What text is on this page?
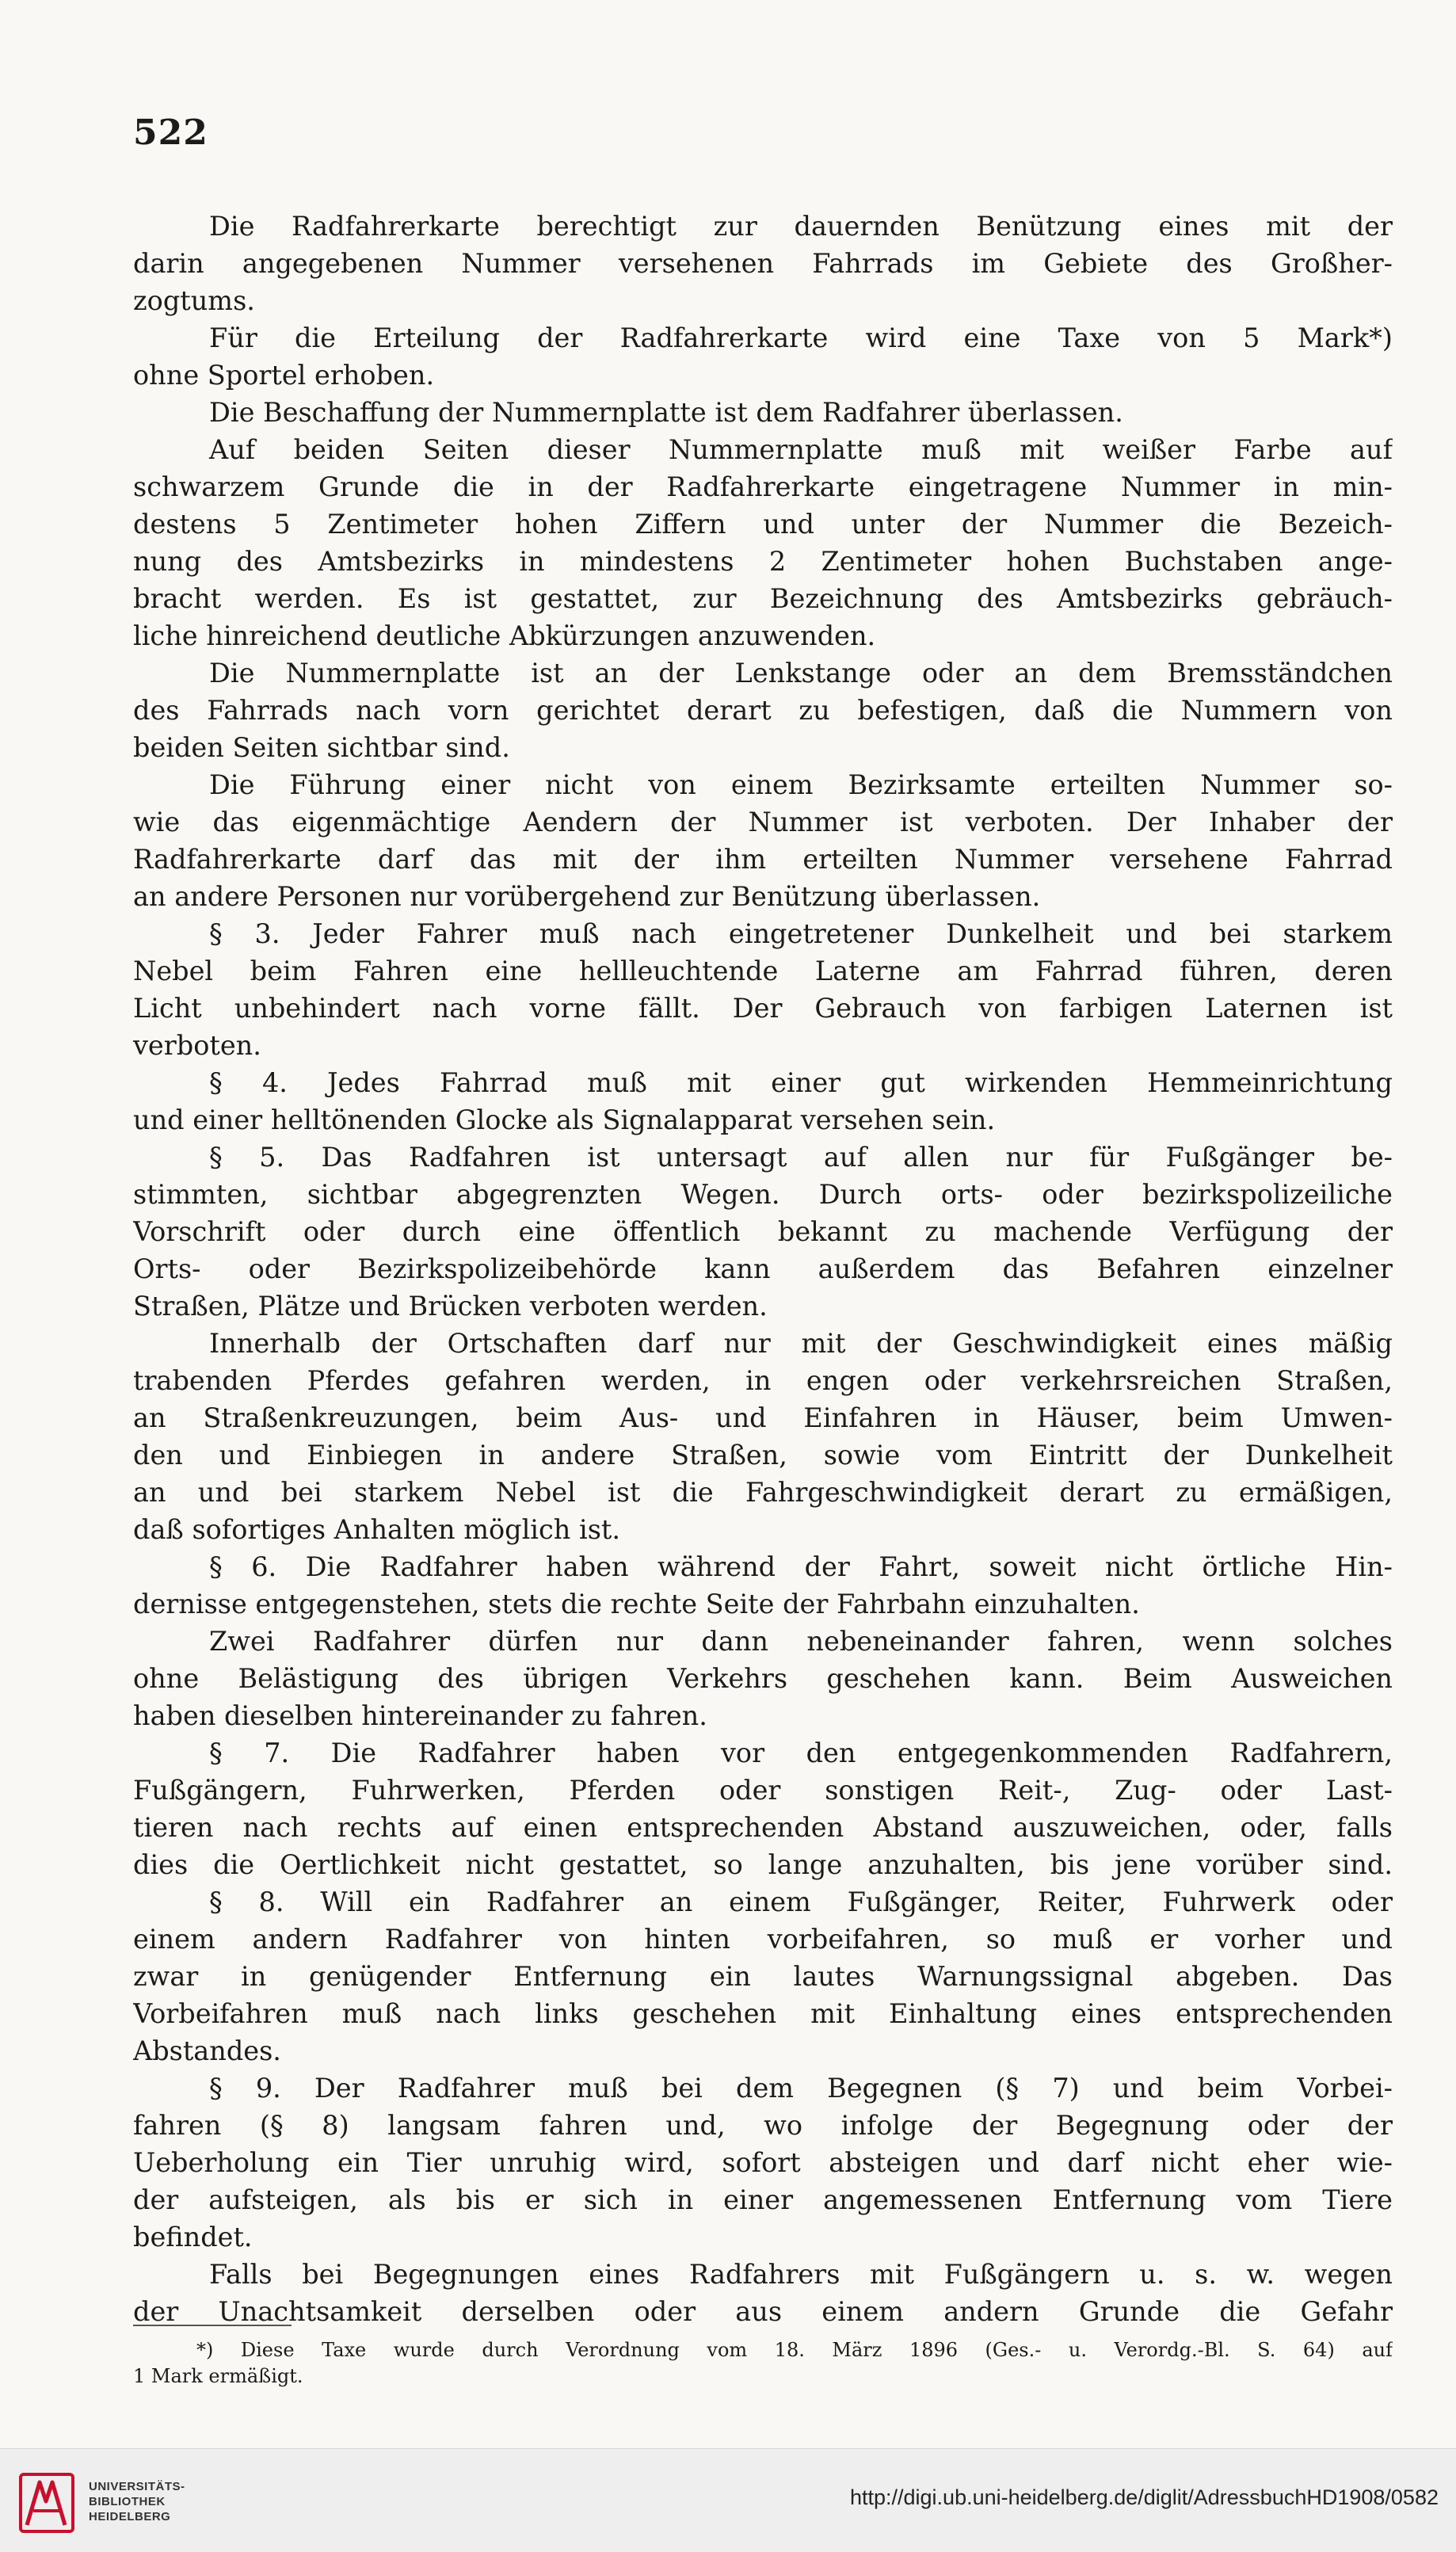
522
Die Radfahrerkarte berechtigt zur dauernden Benützung eines mit der
darin angegebenen Nummer versehenen Fahrrads im Gebiete des Großher-
zogtums.
Für die Erteilung der Radfahrerkarte wird eine Taxe von 5 Mark*)
ohne Sportel erhoben.
Die Beschaffung der Nummernplatte ist dem Radfahrer überlassen.
Auf beiden Seiten dieser Nummernplatte muß mit weißer Farbe auf
schwarzem Grunde die in der Radfahrerkarte eingetragene Nummer in min-
destens 5 Zentimeter hohen Ziffern und unter der Nummer die Bezeich-
nung des Amtsbezirks in mindestens 2 Zentimeter hohen Buchstaben ange-
bracht werden. Es ist gestattet, zur Bezeichnung des Amtsbezirks gebräuch-
liche hinreichend deutliche Abkürzungen anzuwenden.
Die Nummernplatte ist an der Lenkstange oder an dem Bremsständchen
des Fahrrads nach vorn gerichtet derart zu befestigen, daß die Nummern von
beiden Seiten sichtbar sind.
Die Führung einer nicht von einem Bezirksamte erteilten Nummer so-
wie das eigenmächtige Aendern der Nummer ist verboten. Der Inhaber der
Radfahrerkarte darf das mit der ihm erteilten Nummer versehene Fahrrad
an andere Personen nur vorübergehend zur Benützung überlassen.
§ 3. Jeder Fahrer muß nach eingetretener Dunkelheit und bei starkem
Nebel beim Fahren eine hellleuchtende Laterne am Fahrrad führen, deren
Licht unbehindert nach vorne fällt. Der Gebrauch von farbigen Laternen ist
verboten.
§ 4. Jedes Fahrrad muß mit einer gut wirkenden Hemmeinrichtung
und einer helltönenden Glocke als Signalapparat versehen sein.
§ 5. Das Radfahren ist untersagt auf allen nur für Fußgänger be-
stimmten, sichtbar abgegrenzten Wegen. Durch orts- oder bezirkspolizeiliche
Vorschrift oder durch eine öffentlich bekannt zu machende Verfügung der
Orts- oder Bezirkspolizeibehörde kann außerdem das Befahren einzelner
Straßen, Plätze und Brücken verboten werden.
Innerhalb der Ortschaften darf nur mit der Geschwindigkeit eines mäßig
trabenden Pferdes gefahren werden, in engen oder verkehrsreichen Straßen,
an Straßenkreuzungen, beim Aus- und Einfahren in Häuser, beim Umwen-
den und Einbiegen in andere Straßen, sowie vom Eintritt der Dunkelheit
an und bei starkem Nebel ist die Fahrgeschwindigkeit derart zu ermäßigen,
daß sofortiges Anhalten möglich ist.
§ 6. Die Radfahrer haben während der Fahrt, soweit nicht örtliche Hin-
dernisse entgegenstehen, stets die rechte Seite der Fahrbahn einzuhalten.
Zwei Radfahrer dürfen nur dann nebeneinander fahren, wenn solches
ohne Belästigung des übrigen Verkehrs geschehen kann. Beim Ausweichen
haben dieselben hintereinander zu fahren.
§ 7. Die Radfahrer haben vor den entgegenkommenden Radfahrern,
Fußgängern, Fuhrwerken, Pferden oder sonstigen Reit-, Zug- oder Last-
tieren nach rechts auf einen entsprechenden Abstand auszuweichen, oder, falls
dies die Oertlichkeit nicht gestattet, so lange anzuhalten, bis jene vorüber sind.
§ 8. Will ein Radfahrer an einem Fußgänger, Reiter, Fuhrwerk oder
einem andern Radfahrer von hinten vorbeifahren, so muß er vorher und
zwar in genügender Entfernung ein lautes Warnungssignal abgeben. Das
Vorbeifahren muß nach links geschehen mit Einhaltung eines entsprechenden
Abstandes.
§ 9. Der Radfahrer muß bei dem Begegnen (§ 7) und beim Vorbei-
fahren (§ 8) langsam fahren und, wo infolge der Begegnung oder der
Ueberholung ein Tier unruhig wird, sofort absteigen und darf nicht eher wie-
der aufsteigen, als bis er sich in einer angemessenen Entfernung vom Tiere
befindet.
Falls bei Begegnungen eines Radfahrers mit Fußgängern u. s. w. wegen
der Unachtsamkeit derselben oder aus einem andern Grunde die Gefahr
*) Diese Taxe wurde durch Verordnung vom 18. März 1896 (Ges.- u. Verordg.-Bl. S. 64) auf
1 Mark ermäßigt.
UNIVERSITÄTS-
BIBLIOTHEK
HEIDELBERG
http://digi.ub.uni-heidelberg.de/diglit/AdressbuchHD1908/0582
